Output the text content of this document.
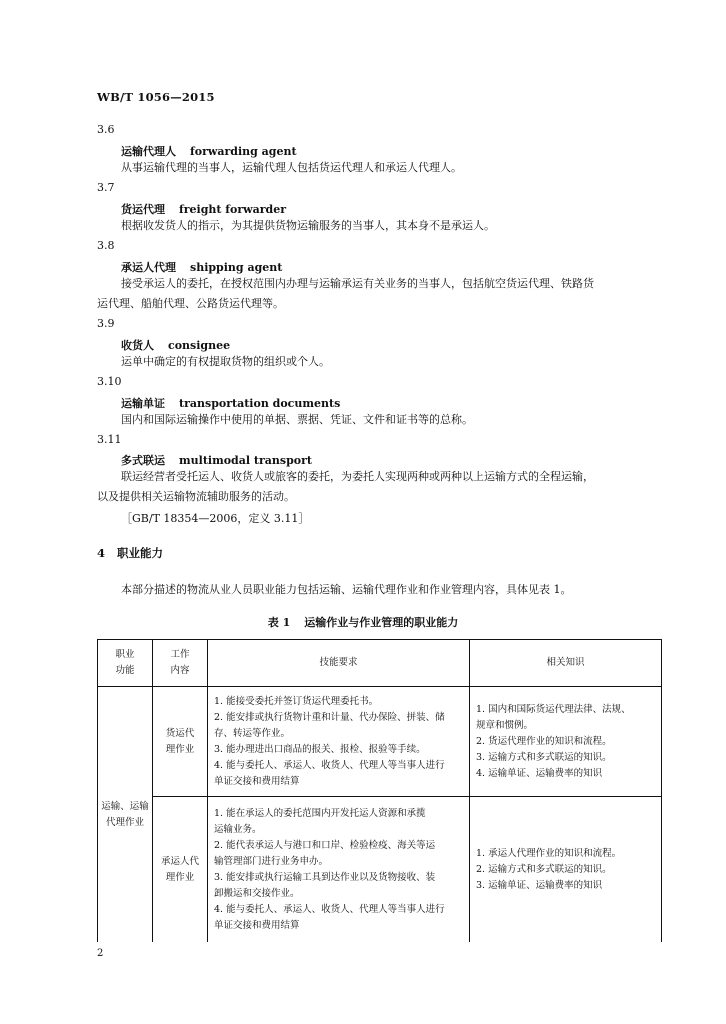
WB/T 1056—2015
3.6
运输代理人 forwarding agent
从事运输代理的当事人，运输代理人包括货运代理人和承运人代理人。
3.7
货运代理 freight forwarder
根据收发货人的指示，为其提供货物运输服务的当事人，其本身不是承运人。
3.8
承运人代理 shipping agent
接受承运人的委托，在授权范围内办理与运输承运有关业务的当事人，包括航空货运代理、铁路货
运代理、船舶代理、公路货运代理等。
3.9
收货人 consignee
运单中确定的有权提取货物的组织或个人。
3.10
运输单证 transportation documents
国内和国际运输操作中使用的单据、票据、凭证、文件和证书等的总称。
3.11
多式联运 multimodal transport
联运经营者受托运人、收货人或旅客的委托，为委托人实现两种或两种以上运输方式的全程运输，
以及提供相关运输物流辅助服务的活动。
［GB/T 18354—2006，定义 3.11］
4 职业能力
本部分描述的物流从业人员职业能力包括运输、运输代理作业和作业管理内容，具体见表 1。
表 1 运输作业与作业管理的职业能力
职业
功能
工作
内容
技能要求	相关知识
运输、运输
代理作业
货运代
理作业
1. 能接受委托并签订货运代理委托书。
2. 能安排或执行货物计重和计量、代办保险、拼装、储
存、转运等作业。
3. 能办理进出口商品的报关、报检、报验等手续。
4. 能与委托人、承运人、收货人、代理人等当事人进行
单证交接和费用结算
1. 国内和国际货运代理法律、法规、
规章和惯例。
2. 货运代理作业的知识和流程。
3. 运输方式和多式联运的知识。
4. 运输单证、运输费率的知识
承运人代
理作业
1. 能在承运人的委托范围内开发托运人资源和承揽
运输业务。
2. 能代表承运人与港口和口岸、检验检疫、海关等运
输管理部门进行业务申办。
3. 能安排或执行运输工具到达作业以及货物接收、装
卸搬运和交接作业。
4. 能与委托人、承运人、收货人、代理人等当事人进行
单证交接和费用结算
1. 承运人代理作业的知识和流程。
2. 运输方式和多式联运的知识。
3. 运输单证、运输费率的知识
2
